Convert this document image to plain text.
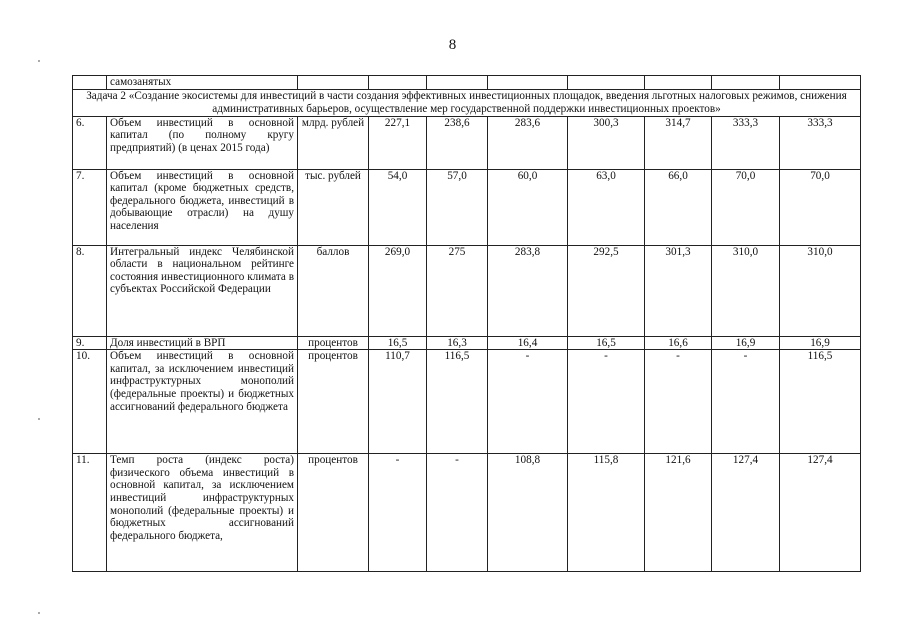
8
	самозанятых								
Задача 2 «Создание экосистемы для инвестиций в части создания эффективных инвестиционных площадок, введения льготных налоговых режимов, снижения административных барьеров, осуществление мер государственной поддержки инвестиционных проектов»									
6.	Объем инвестиций в основной капитал (по полному кругу предприятий) (в ценах 2015 года)	млрд. рублей	227,1	238,6	283,6	300,3	314,7	333,3	333,3
7.	Объем инвестиций в основной капитал (кроме бюджетных средств, федерального бюджета, инвестиций в добывающие отрасли) на душу населения	тыс. рублей	54,0	57,0	60,0	63,0	66,0	70,0	70,0
8.	Интегральный индекс Челябинской области в национальном рейтинге состояния инвестиционного климата в субъектах Российской Федерации	баллов	269,0	275	283,8	292,5	301,3	310,0	310,0
9.	Доля инвестиций в ВРП	процентов	16,5	16,3	16,4	16,5	16,6	16,9	16,9
10.	Объем инвестиций в основной капитал, за исключением инвестиций инфраструктурных монополий (федеральные проекты) и бюджетных ассигнований федерального бюджета	процентов	110,7	116,5	-	-	-	-	116,5
11.	Темп роста (индекс роста) физического объема инвестиций в основной капитал, за исключением инвестиций инфраструктурных монополий (федеральные проекты) и бюджетных ассигнований федерального бюджета,	процентов	-	-	108,8	115,8	121,6	127,4	127,4
